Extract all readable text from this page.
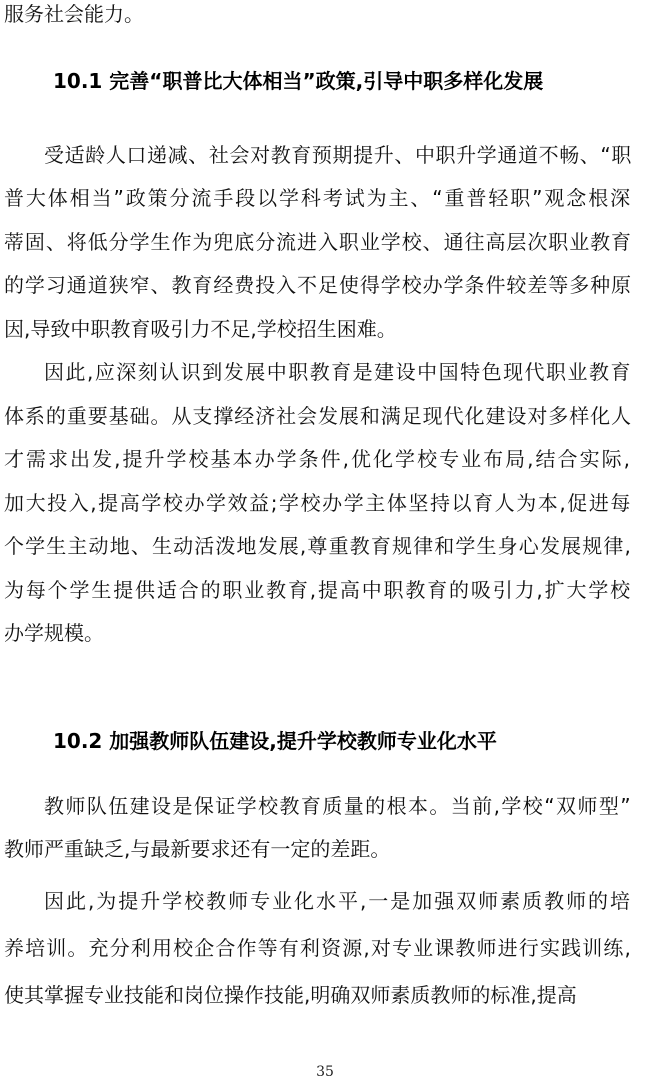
服务社会能力。
10.1 完善“职普比大体相当”政策,引导中职多样化发展
受适龄人口递减、社会对教育预期提升、中职升学通道不畅、“职
普大体相当”政策分流手段以学科考试为主、“重普轻职”观念根深
蒂固、将低分学生作为兜底分流进入职业学校、通往高层次职业教育
的学习通道狭窄、教育经费投入不足使得学校办学条件较差等多种原
因,导致中职教育吸引力不足,学校招生困难。
因此,应深刻认识到发展中职教育是建设中国特色现代职业教育
体系的重要基础。从支撑经济社会发展和满足现代化建设对多样化人
才需求出发,提升学校基本办学条件,优化学校专业布局,结合实际,
加大投入,提高学校办学效益;学校办学主体坚持以育人为本,促进每
个学生主动地、生动活泼地发展,尊重教育规律和学生身心发展规律,
为每个学生提供适合的职业教育,提高中职教育的吸引力,扩大学校
办学规模。
10.2 加强教师队伍建设,提升学校教师专业化水平
教师队伍建设是保证学校教育质量的根本。当前,学校“双师型”
教师严重缺乏,与最新要求还有一定的差距。
因此,为提升学校教师专业化水平,一是加强双师素质教师的培
养培训。充分利用校企合作等有利资源,对专业课教师进行实践训练,
使其掌握专业技能和岗位操作技能,明确双师素质教师的标准,提高
35
